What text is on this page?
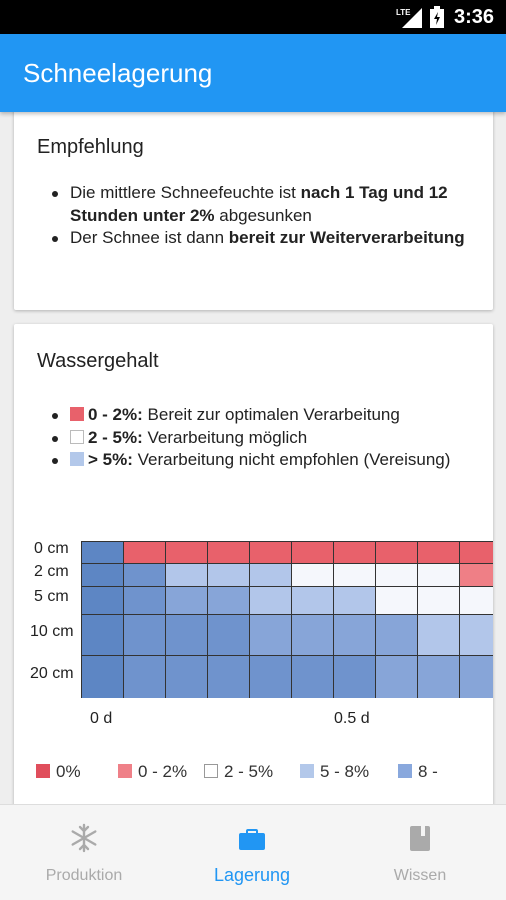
LTE 3:36
Schneelagerung
Empfehlung
Die mittlere Schneefeuchte ist nach 1 Tag und 12 Stunden unter 2% abgesunken
Der Schnee ist dann bereit zur Weiterverarbeitung
Wassergehalt
0 - 2%: Bereit zur optimalen Verarbeitung
2 - 5%: Verarbeitung möglich
> 5%: Verarbeitung nicht empfohlen (Vereisung)
0 cm
2 cm
5 cm
10 cm
20 cm
0 d	0.5 d
0%	0 - 2%	2 - 5%	5 - 8%	8 -
Produktion	Lagerung	Wissen
